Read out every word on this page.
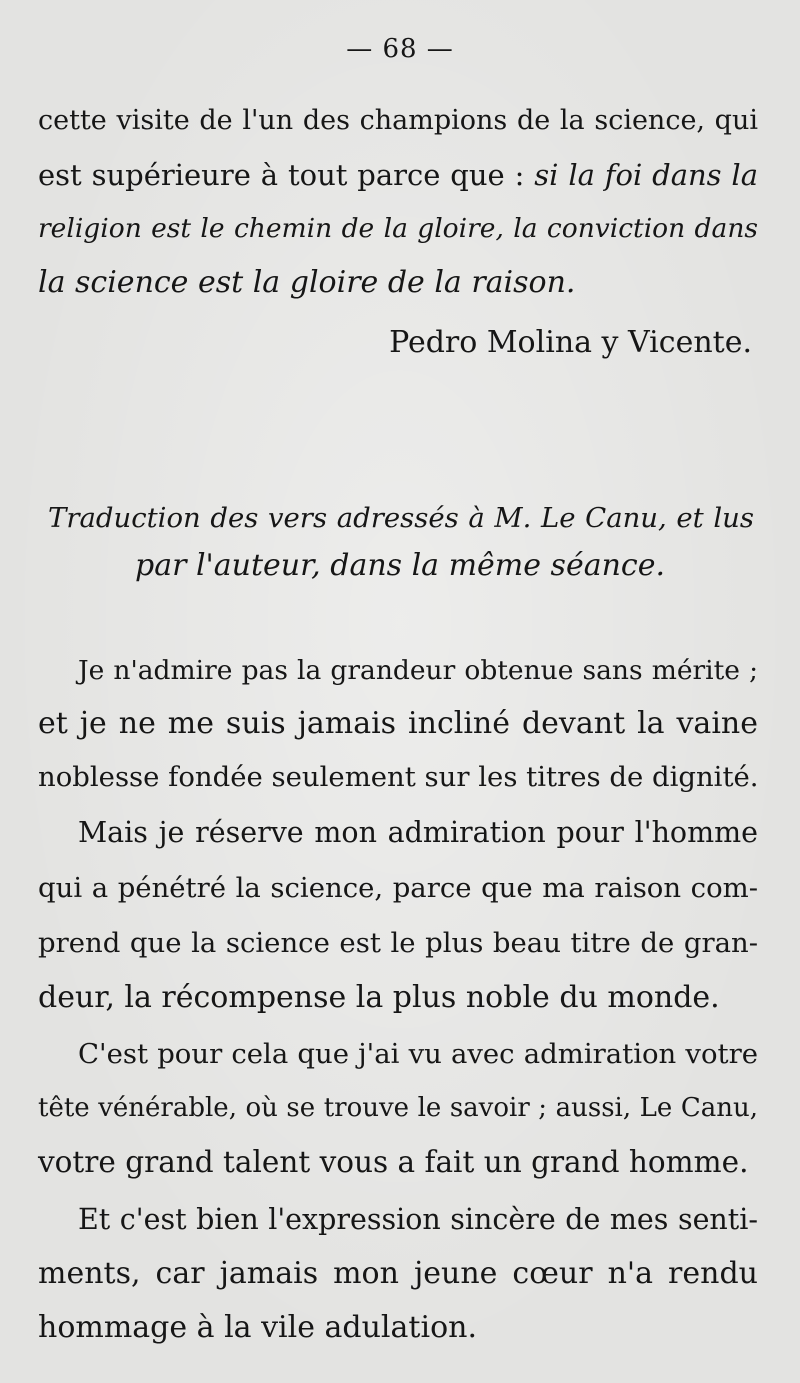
— 68 —
cette visite de l'un des champions de la science, qui
est supérieure à tout parce que : si la foi dans la
religion est le chemin de la gloire, la conviction dans
la science est la gloire de la raison.
Pedro Molina y Vicente.
Traduction des vers adressés à M. Le Canu, et lus
par l'auteur, dans la même séance.
Je n'admire pas la grandeur obtenue sans mérite ;
et je ne me suis jamais incliné devant la vaine
noblesse fondée seulement sur les titres de dignité.
Mais je réserve mon admiration pour l'homme
qui a pénétré la science, parce que ma raison com-
prend que la science est le plus beau titre de gran-
deur, la récompense la plus noble du monde.
C'est pour cela que j'ai vu avec admiration votre
tête vénérable, où se trouve le savoir ; aussi, Le Canu,
votre grand talent vous a fait un grand homme.
Et c'est bien l'expression sincère de mes senti-
ments, car jamais mon jeune cœur n'a rendu
hommage à la vile adulation.
